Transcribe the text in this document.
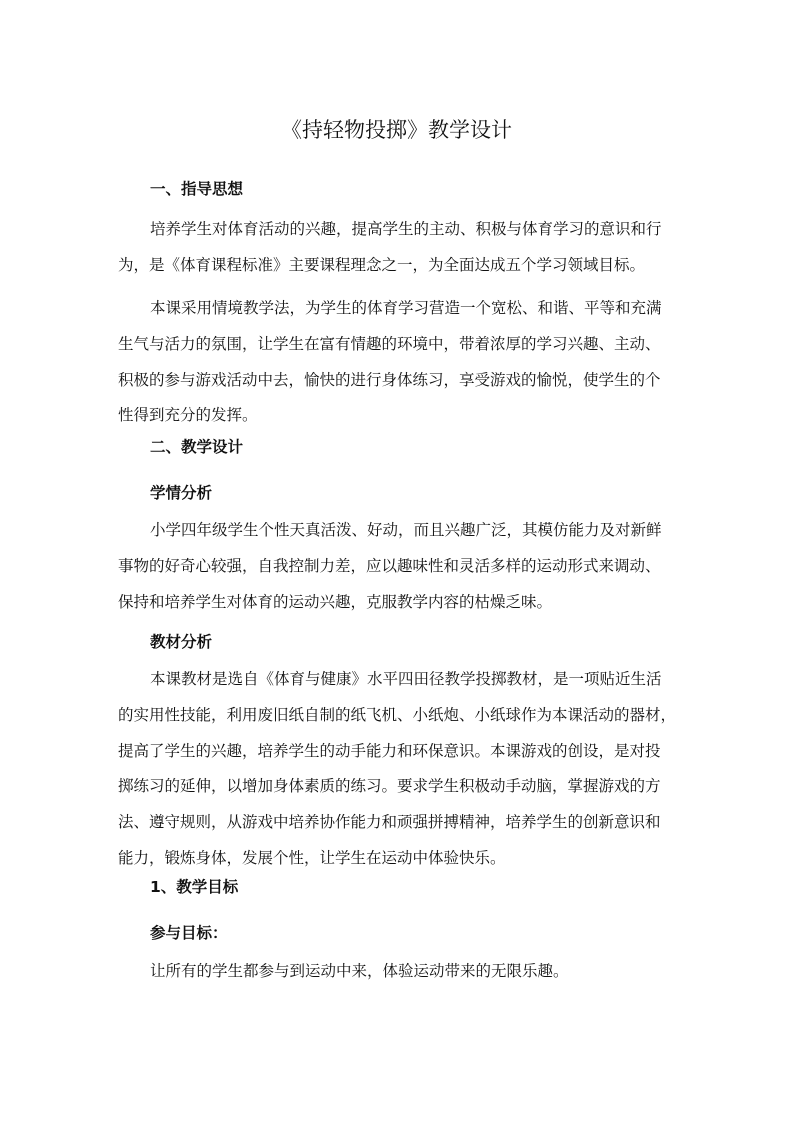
《持轻物投掷》教学设计
一、指导思想
培养学生对体育活动的兴趣，提高学生的主动、积极与体育学习的意识和行
为，是《体育课程标准》主要课程理念之一，为全面达成五个学习领域目标。
本课采用情境教学法，为学生的体育学习营造一个宽松、和谐、平等和充满
生气与活力的氛围，让学生在富有情趣的环境中，带着浓厚的学习兴趣、主动、
积极的参与游戏活动中去，愉快的进行身体练习，享受游戏的愉悦，使学生的个
性得到充分的发挥。
二、教学设计
学情分析
小学四年级学生个性天真活泼、好动，而且兴趣广泛，其模仿能力及对新鲜
事物的好奇心较强，自我控制力差，应以趣味性和灵活多样的运动形式来调动、
保持和培养学生对体育的运动兴趣，克服教学内容的枯燥乏味。
教材分析
本课教材是选自《体育与健康》水平四田径教学投掷教材，是一项贴近生活
的实用性技能，利用废旧纸自制的纸飞机、小纸炮、小纸球作为本课活动的器材，
提高了学生的兴趣，培养学生的动手能力和环保意识。本课游戏的创设，是对投
掷练习的延伸，以增加身体素质的练习。要求学生积极动手动脑，掌握游戏的方
法、遵守规则，从游戏中培养协作能力和顽强拼搏精神，培养学生的创新意识和
能力，锻炼身体，发展个性，让学生在运动中体验快乐。
1、教学目标
参与目标：
让所有的学生都参与到运动中来，体验运动带来的无限乐趣。
